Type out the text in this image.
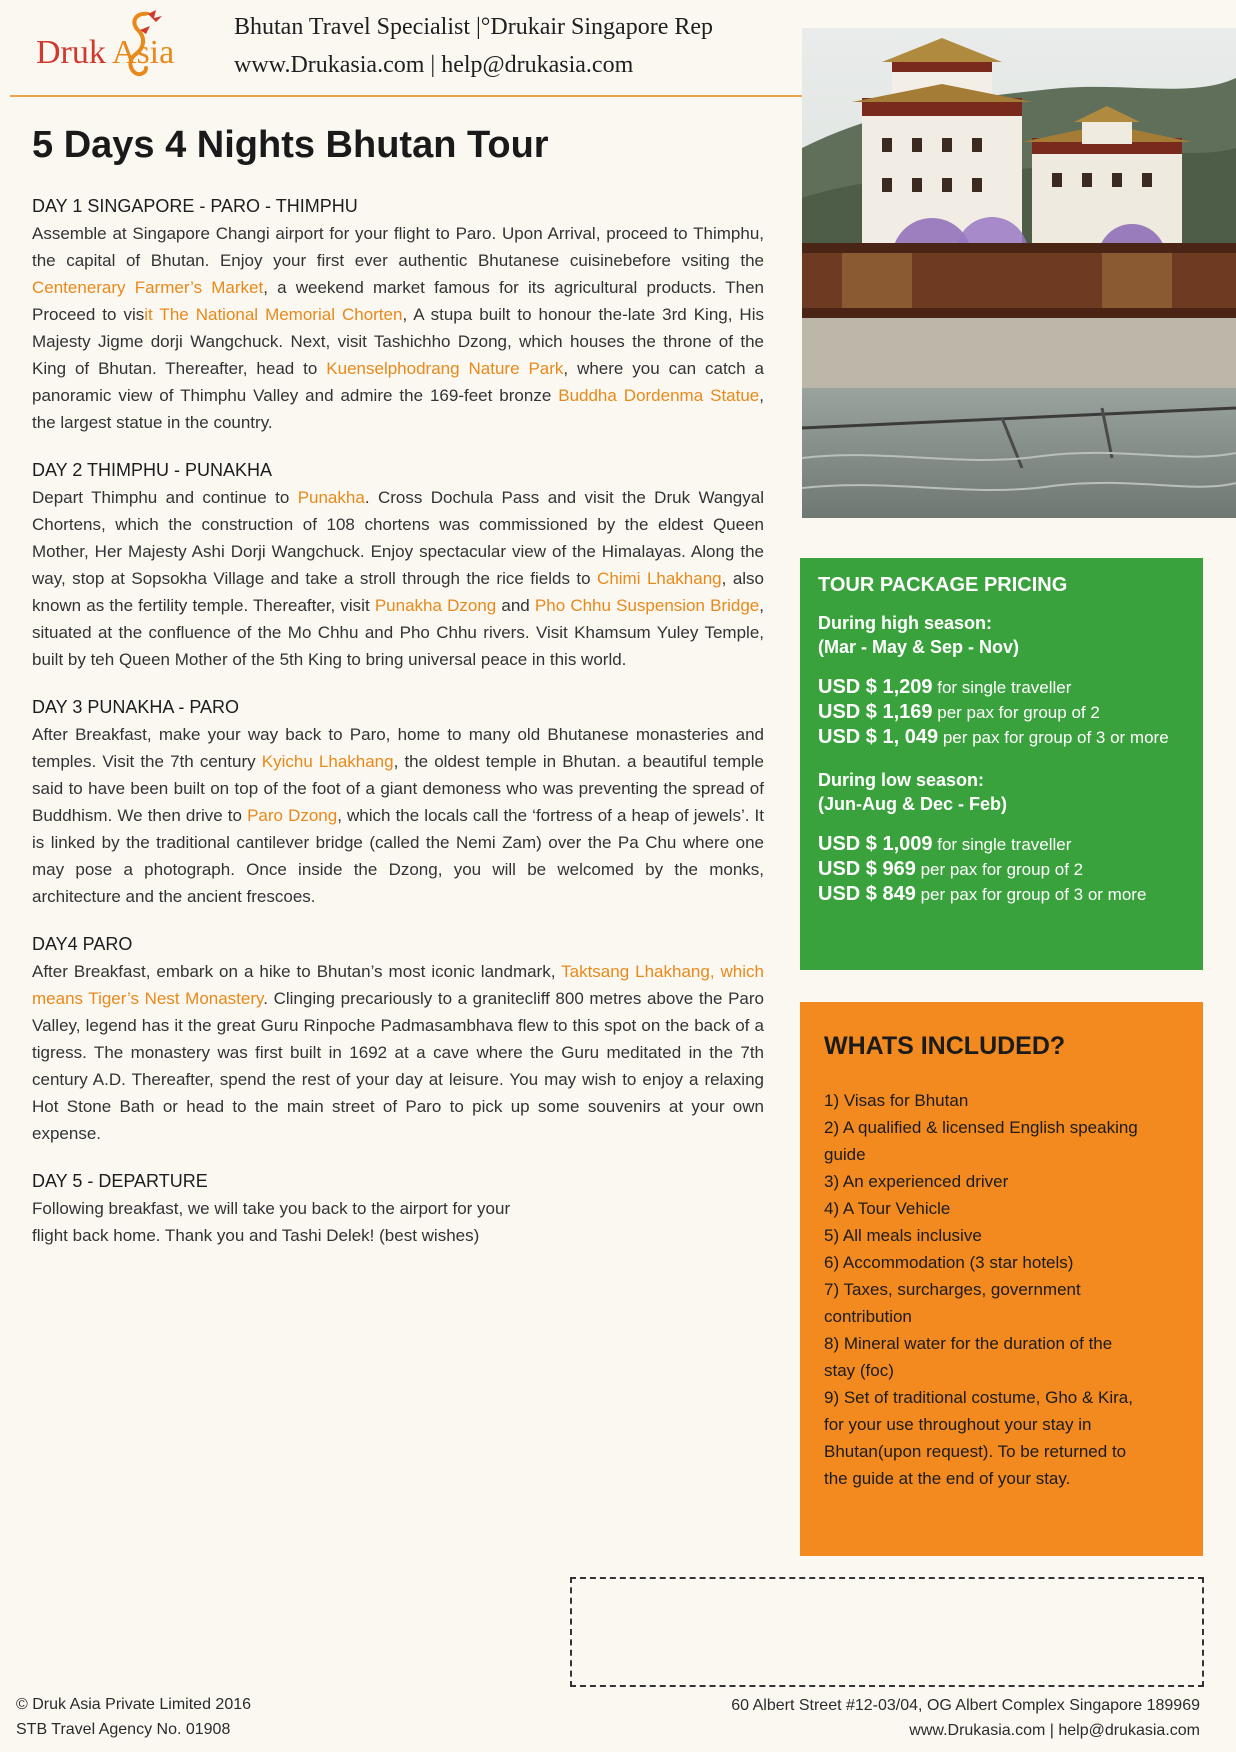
Druk Asia
Bhutan Travel Specialist |°Drukair Singapore Rep
www.Drukasia.com | help@drukasia.com
5 Days 4 Nights Bhutan Tour
DAY 1 SINGAPORE - PARO - THIMPHU

Assemble at Singapore Changi airport for your flight to Paro. Upon Arrival, proceed to Thimphu, the capital of Bhutan. Enjoy your first ever authentic Bhutanese cuisinebefore vsiting the Centenerary Farmer’s Market, a weekend market famous for its agricultural products. Then Proceed to visit The National Memorial Chorten, A stupa built to honour the-late 3rd King, His Majesty Jigme dorji Wangchuck. Next, visit Tashichho Dzong, which houses the throne of the King of Bhutan. Thereafter, head to Kuenselphodrang Nature Park, where you can catch a panoramic view of Thimphu Valley and admire the 169-feet bronze Buddha Dordenma Statue, the largest statue in the country.

DAY 2 THIMPHU - PUNAKHA

Depart Thimphu and continue to Punakha. Cross Dochula Pass and visit the Druk Wangyal Chortens, which the construction of 108 chortens was commissioned by the eldest Queen Mother, Her Majesty Ashi Dorji Wangchuck. Enjoy spectacular view of the Himalayas. Along the way, stop at Sopsokha Village and take a stroll through the rice fields to Chimi Lhakhang, also known as the fertility temple. Thereafter, visit Punakha Dzong and Pho Chhu Suspension Bridge, situated at the confluence of the Mo Chhu and Pho Chhu rivers. Visit Khamsum Yuley Temple, built by teh Queen Mother of the 5th King to bring universal peace in this world.

DAY 3 PUNAKHA - PARO

After Breakfast, make your way back to Paro, home to many old Bhutanese monasteries and temples. Visit the 7th century Kyichu Lhakhang, the oldest temple in Bhutan. a beautiful temple said to have been built on top of the foot of a giant demoness who was preventing the spread of Buddhism. We then drive to Paro Dzong, which the locals call the ‘fortress of a heap of jewels’. It is linked by the traditional cantilever bridge (called the Nemi Zam) over the Pa Chu where one may pose a photograph. Once inside the Dzong, you will be welcomed by the monks, architecture and the ancient frescoes.

DAY4 PARO

After Breakfast, embark on a hike to Bhutan’s most iconic landmark, Taktsang Lhakhang, which means Tiger’s Nest Monastery. Clinging precariously to a granitecliff 800 metres above the Paro Valley, legend has it the great Guru Rinpoche Padmasambhava flew to this spot on the back of a tigress. The monastery was first built in 1692 at a cave where the Guru meditated in the 7th century A.D. Thereafter, spend the rest of your day at leisure. You may wish to enjoy a relaxing Hot Stone Bath or head to the main street of Paro to pick up some souvenirs at your own expense.

DAY 5 - DEPARTURE

Following breakfast, we will take you back to the airport for your flight back home. Thank you and Tashi Delek! (best wishes)

TOUR PACKAGE PRICING
During high season:
(Mar - May & Sep - Nov)
USD $ 1,209 for single traveller
USD $ 1,169 per pax for group of 2
USD $ 1, 049 per pax for group of 3 or more
During low season:
(Jun-Aug & Dec - Feb)
USD $ 1,009 for single traveller
USD $ 969 per pax for group of 2
USD $ 849 per pax for group of 3 or more
WHATS INCLUDED?
1) Visas for Bhutan
2) A qualified & licensed English speaking guide
3) An experienced driver
4) A Tour Vehicle
5) All meals inclusive
6) Accommodation (3 star hotels)
7) Taxes, surcharges, government contribution
8) Mineral water for the duration of the stay (foc)
9) Set of traditional costume, Gho & Kira, for your use throughout your stay in Bhutan(upon request). To be returned to the guide at the end of your stay.
© Druk Asia Private Limited 2016
STB Travel Agency No. 01908
60 Albert Street #12-03/04, OG Albert Complex Singapore 189969
www.Drukasia.com | help@drukasia.com
